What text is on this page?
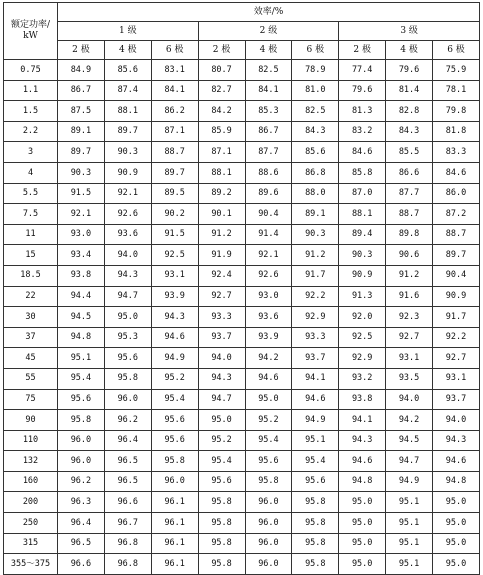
额定功率/
kW	效率/%								
	1 级			2 级			3 级		
	2 极	4 极	6 极	2 极	4 极	6 极	2 极	4 极	6 极
0.75	84.9	85.6	83.1	80.7	82.5	78.9	77.4	79.6	75.9
1.1	86.7	87.4	84.1	82.7	84.1	81.0	79.6	81.4	78.1
1.5	87.5	88.1	86.2	84.2	85.3	82.5	81.3	82.8	79.8
2.2	89.1	89.7	87.1	85.9	86.7	84.3	83.2	84.3	81.8
3	89.7	90.3	88.7	87.1	87.7	85.6	84.6	85.5	83.3
4	90.3	90.9	89.7	88.1	88.6	86.8	85.8	86.6	84.6
5.5	91.5	92.1	89.5	89.2	89.6	88.0	87.0	87.7	86.0
7.5	92.1	92.6	90.2	90.1	90.4	89.1	88.1	88.7	87.2
11	93.0	93.6	91.5	91.2	91.4	90.3	89.4	89.8	88.7
15	93.4	94.0	92.5	91.9	92.1	91.2	90.3	90.6	89.7
18.5	93.8	94.3	93.1	92.4	92.6	91.7	90.9	91.2	90.4
22	94.4	94.7	93.9	92.7	93.0	92.2	91.3	91.6	90.9
30	94.5	95.0	94.3	93.3	93.6	92.9	92.0	92.3	91.7
37	94.8	95.3	94.6	93.7	93.9	93.3	92.5	92.7	92.2
45	95.1	95.6	94.9	94.0	94.2	93.7	92.9	93.1	92.7
55	95.4	95.8	95.2	94.3	94.6	94.1	93.2	93.5	93.1
75	95.6	96.0	95.4	94.7	95.0	94.6	93.8	94.0	93.7
90	95.8	96.2	95.6	95.0	95.2	94.9	94.1	94.2	94.0
110	96.0	96.4	95.6	95.2	95.4	95.1	94.3	94.5	94.3
132	96.0	96.5	95.8	95.4	95.6	95.4	94.6	94.7	94.6
160	96.2	96.5	96.0	95.6	95.8	95.6	94.8	94.9	94.8
200	96.3	96.6	96.1	95.8	96.0	95.8	95.0	95.1	95.0
250	96.4	96.7	96.1	95.8	96.0	95.8	95.0	95.1	95.0
315	96.5	96.8	96.1	95.8	96.0	95.8	95.0	95.1	95.0
355～375	96.6	96.8	96.1	95.8	96.0	95.8	95.0	95.1	95.0
